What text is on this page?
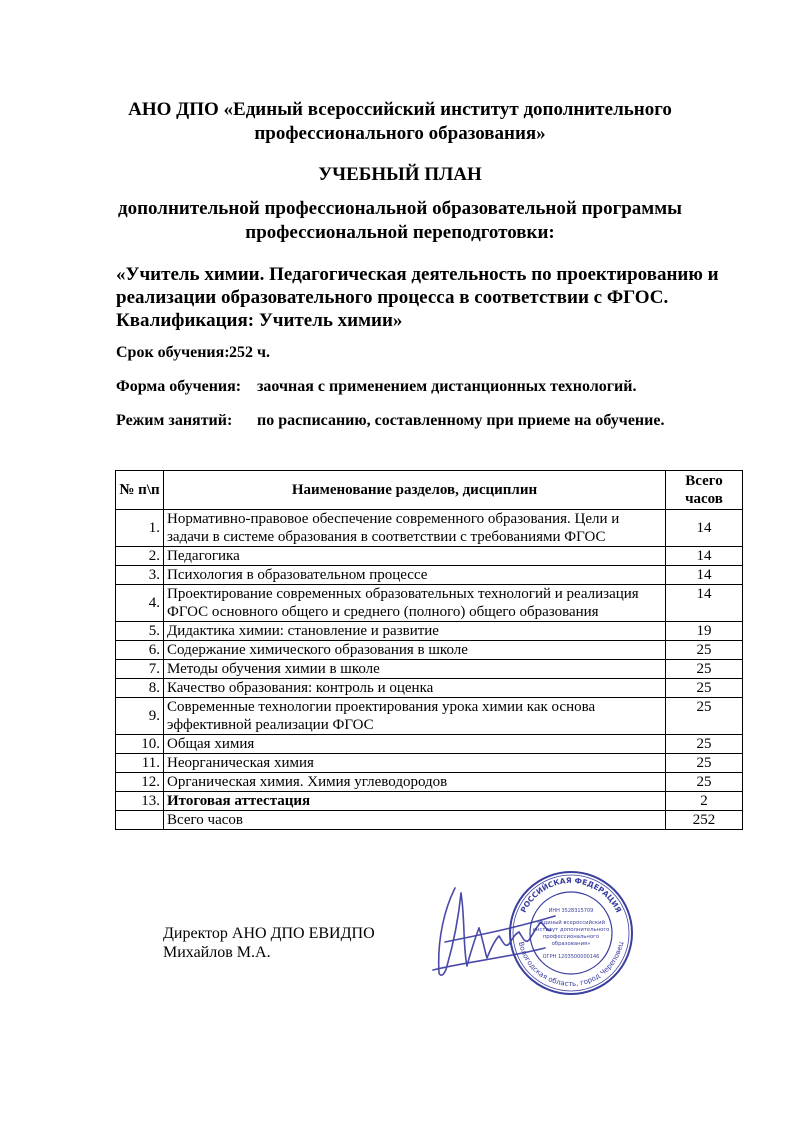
АНО ДПО «Единый всероссийский институт дополнительного профессионального образования»
УЧЕБНЫЙ ПЛАН
дополнительной профессиональной образовательной программы профессиональной переподготовки:
«Учитель химии. Педагогическая деятельность по проектированию и реализации образовательного процесса в соответствии с ФГОС. Квалификация: Учитель химии»
Срок обучения: 252 ч.
Форма обучения: заочная с применением дистанционных технологий.
Режим занятий: по расписанию, составленному при приеме на обучение.
№ п\п	Наименование разделов, дисциплин	Всего часов
1.	Нормативно-правовое обеспечение современного образования. Цели и задачи в системе образования в соответствии с требованиями ФГОС	14
2.	Педагогика	14
3.	Психология в образовательном процессе	14
4.	Проектирование современных образовательных технологий и реализация ФГОС основного общего и среднего (полного) общего образования	14
5.	Дидактика химии: становление и развитие	19
6.	Содержание химического образования в школе	25
7.	Методы обучения химии в школе	25
8.	Качество образования: контроль и оценка	25
9.	Современные технологии проектирования урока химии как основа эффективной реализации ФГОС	25
10.	Общая химия	25
11.	Неорганическая химия	25
12.	Органическая химия. Химия углеводородов	25
13.	Итоговая аттестация	2
	Всего часов	252
Директор АНО ДПО ЕВИДПО
Михайлов М.А.
РОССИЙСКАЯ ФЕДЕРАЦИЯ
Вологодская область, город Череповец
ИНН 3528315709
«Единый всероссийский
институт дополнительного
профессионального
образования»
ОГРН 1203500000146
